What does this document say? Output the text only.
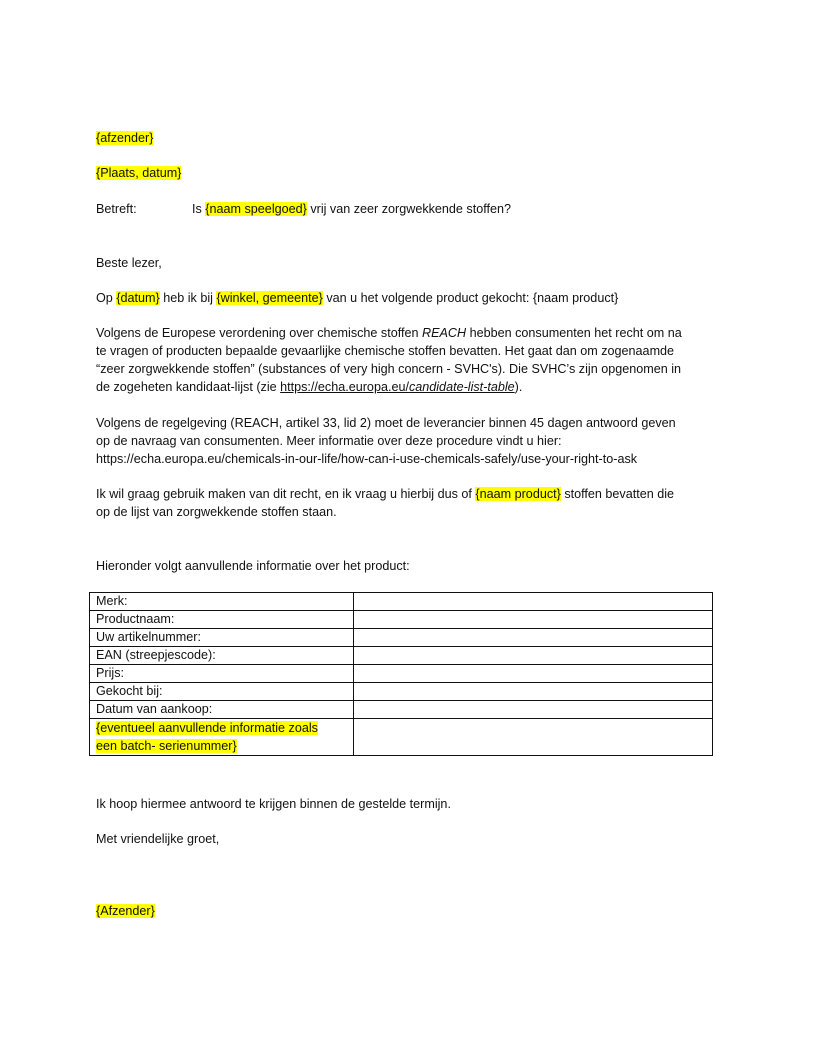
{afzender}
{Plaats, datum}
Betreft:	Is {naam speelgoed} vrij van zeer zorgwekkende stoffen?
Beste lezer,
Op {datum} heb ik bij {winkel, gemeente} van u het volgende product gekocht: {naam product}
Volgens de Europese verordening over chemische stoffen REACH hebben consumenten het recht om na
te vragen of producten bepaalde gevaarlijke chemische stoffen bevatten. Het gaat dan om zogenaamde
“zeer zorgwekkende stoffen” (substances of very high concern - SVHC's). Die SVHC’s zijn opgenomen in
de zogeheten kandidaat-lijst (zie https://echa.europa.eu/candidate-list-table).
Volgens de regelgeving (REACH, artikel 33, lid 2) moet de leverancier binnen 45 dagen antwoord geven
op de navraag van consumenten. Meer informatie over deze procedure vindt u hier:
https://echa.europa.eu/chemicals-in-our-life/how-can-i-use-chemicals-safely/use-your-right-to-ask
Ik wil graag gebruik maken van dit recht, en ik vraag u hierbij dus of {naam product} stoffen bevatten die
op de lijst van zorgwekkende stoffen staan.
Hieronder volgt aanvullende informatie over het product:
Merk:	
Productnaam:	
Uw artikelnummer:	
EAN (streepjescode):	
Prijs:	
Gekocht bij:	
Datum van aankoop:	
{eventueel aanvullende informatie zoals
een batch- serienummer}	
Ik hoop hiermee antwoord te krijgen binnen de gestelde termijn.
Met vriendelijke groet,
{Afzender}
